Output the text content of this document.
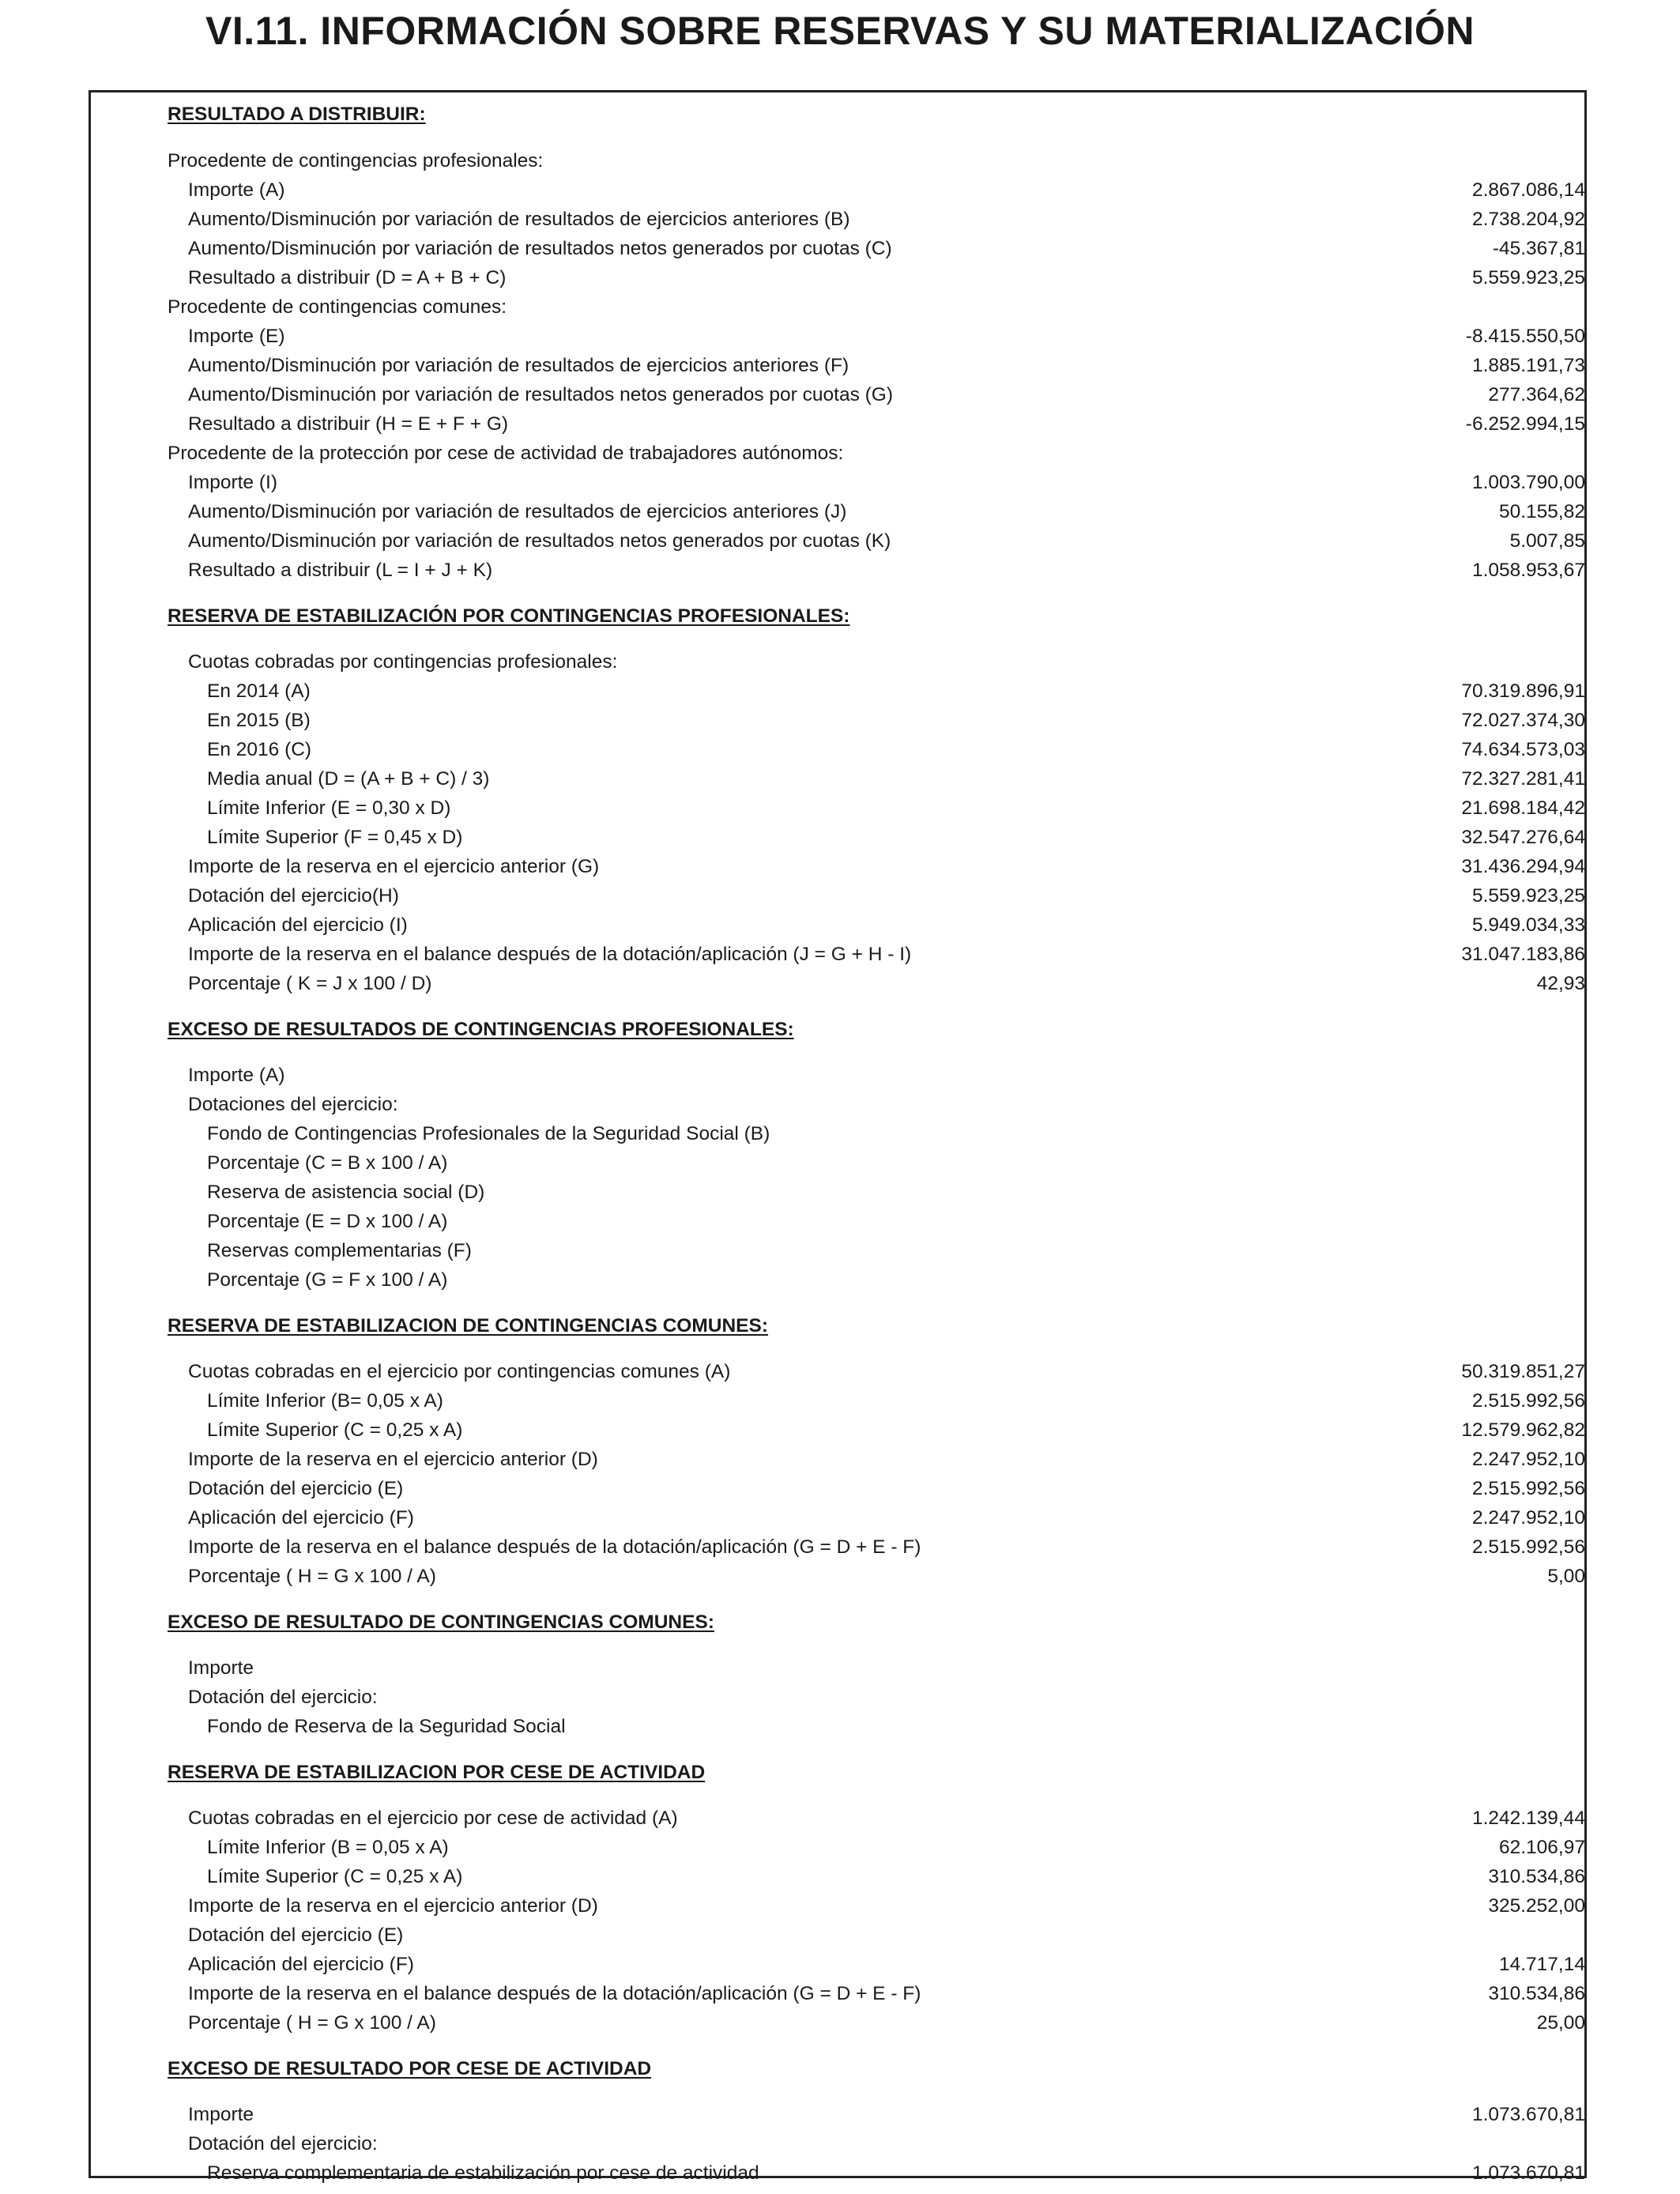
VI.11. INFORMACIÓN SOBRE RESERVAS Y SU MATERIALIZACIÓN
RESULTADO A DISTRIBUIR:
Procedente de contingencias profesionales:
Importe (A)	2.867.086,14
Aumento/Disminución por variación de resultados de ejercicios anteriores (B)	2.738.204,92
Aumento/Disminución por variación de resultados netos generados por cuotas (C)	-45.367,81
Resultado a distribuir (D = A + B + C)	5.559.923,25
Procedente de contingencias comunes:
Importe (E)	-8.415.550,50
Aumento/Disminución por variación de resultados de ejercicios anteriores (F)	1.885.191,73
Aumento/Disminución por variación de resultados netos generados por cuotas (G)	277.364,62
Resultado a distribuir (H = E + F + G)	-6.252.994,15
Procedente de la protección por cese de actividad de trabajadores autónomos:
Importe (I)	1.003.790,00
Aumento/Disminución por variación de resultados de ejercicios anteriores (J)	50.155,82
Aumento/Disminución por variación de resultados netos generados por cuotas (K)	5.007,85
Resultado a distribuir (L = I + J + K)	1.058.953,67
RESERVA DE ESTABILIZACIÓN POR CONTINGENCIAS PROFESIONALES:
Cuotas cobradas por contingencias profesionales:
En 2014 (A)	70.319.896,91
En 2015 (B)	72.027.374,30
En 2016 (C)	74.634.573,03
Media anual (D = (A + B + C) / 3)	72.327.281,41
Límite Inferior (E = 0,30 x D)	21.698.184,42
Límite Superior (F = 0,45 x D)	32.547.276,64
Importe de la reserva en el ejercicio anterior (G)	31.436.294,94
Dotación del ejercicio(H)	5.559.923,25
Aplicación del ejercicio (I)	5.949.034,33
Importe de la reserva en el balance después de la dotación/aplicación (J = G + H - I)	31.047.183,86
Porcentaje ( K = J x 100 / D)	42,93
EXCESO DE RESULTADOS DE CONTINGENCIAS PROFESIONALES:
Importe (A)
Dotaciones del ejercicio:
Fondo de Contingencias Profesionales de la Seguridad Social (B)
Porcentaje (C = B x 100 / A)
Reserva de asistencia social (D)
Porcentaje (E = D x 100 / A)
Reservas complementarias (F)
Porcentaje (G = F x 100 / A)
RESERVA DE ESTABILIZACION DE CONTINGENCIAS COMUNES:
Cuotas cobradas en el ejercicio por contingencias comunes (A)	50.319.851,27
Límite Inferior (B= 0,05 x A)	2.515.992,56
Límite Superior (C = 0,25 x A)	12.579.962,82
Importe de la reserva en el ejercicio anterior (D)	2.247.952,10
Dotación del ejercicio (E)	2.515.992,56
Aplicación del ejercicio (F)	2.247.952,10
Importe de la reserva en el balance después de la dotación/aplicación (G = D + E - F)	2.515.992,56
Porcentaje ( H = G x 100 / A)	5,00
EXCESO DE RESULTADO DE CONTINGENCIAS COMUNES:
Importe
Dotación del ejercicio:
Fondo de Reserva de la Seguridad Social
RESERVA DE ESTABILIZACION POR CESE DE ACTIVIDAD
Cuotas cobradas en el ejercicio por cese de actividad (A)	1.242.139,44
Límite Inferior (B = 0,05 x A)	62.106,97
Límite Superior (C = 0,25 x A)	310.534,86
Importe de la reserva en el ejercicio anterior (D)	325.252,00
Dotación del ejercicio (E)
Aplicación del ejercicio (F)	14.717,14
Importe de la reserva en el balance después de la dotación/aplicación (G = D + E - F)	310.534,86
Porcentaje ( H = G x 100 / A)	25,00
EXCESO DE RESULTADO POR CESE DE ACTIVIDAD
Importe	1.073.670,81
Dotación del ejercicio:
Reserva complementaria de estabilización por cese de actividad	1.073.670,81
